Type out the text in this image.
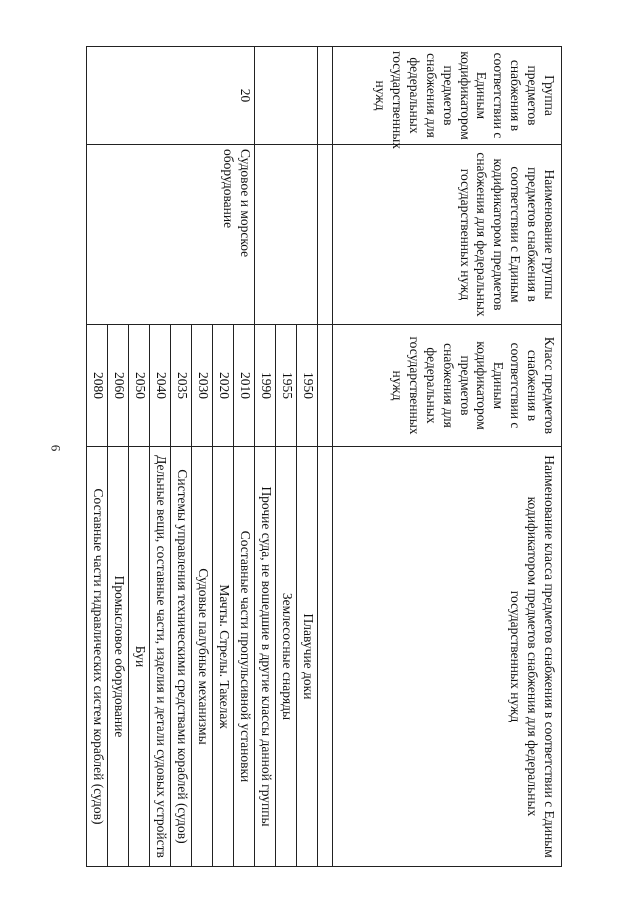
6
Группа предметов снабжения в соответствии с Единым кодификатором предметов снабжения для федеральных государственных нужд	Наименование группы предметов снабжения в соответствии с Единым кодификатором предметов снабжения для федеральных государственных нужд	Класс предметов снабжения в соответствии с Единым кодификатором предметов снабжения для федеральных государственных нужд	Наименование класса предметов снабжения в соответствии с Единым кодификатором предметов снабжения для федеральных государственных нужд

		1950	Плавучие доки
		1955	Землесосные снаряды
		1990	Прочие суда, не вошедшие в другие классы данной группы
20	Судовое и морское оборудование	2010	Составные части пропульсивной установки
		2020	Мачты. Стрелы. Такелаж
		2030	Судовые палубные механизмы
		2035	Системы управления техническими средствами кораблей (судов)
		2040	Дельные вещи, составные части, изделия и детали судовых устройств
		2050	Буи
		2060	Промысловое оборудование
		2080	Составные части гидравлических систем кораблей (судов)
